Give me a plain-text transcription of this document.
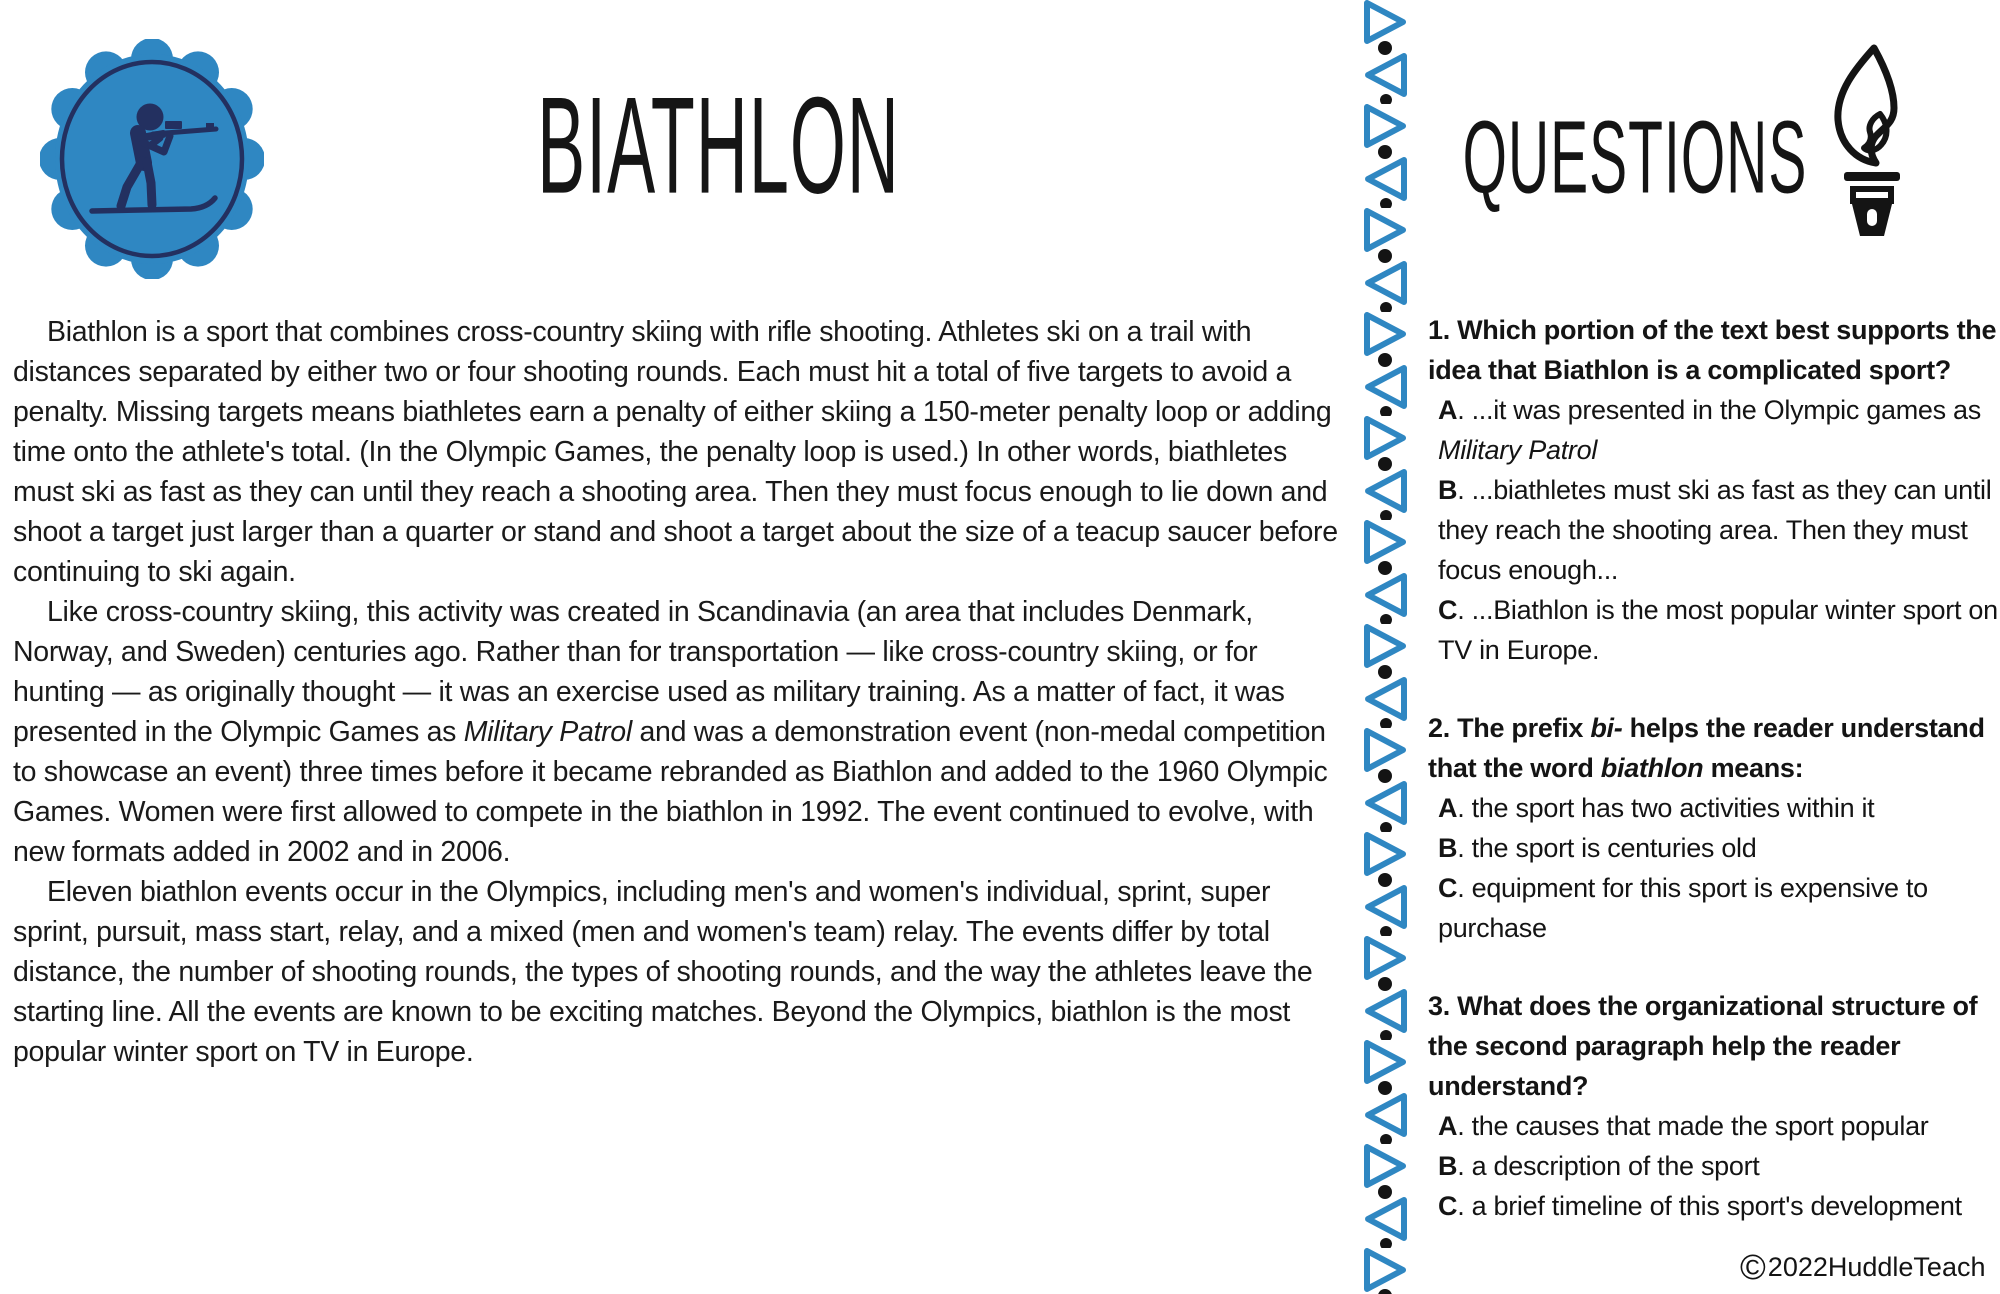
BIATHLON

Biathlon is a sport that combines cross-country skiing with rifle shooting. Athletes ski on a trail with distances separated by either two or four shooting rounds. Each must hit a total of five targets to avoid a penalty. Missing targets means biathletes earn a penalty of either skiing a 150-meter penalty loop or adding time onto the athlete's total. (In the Olympic Games, the penalty loop is used.) In other words, biathletes must ski as fast as they can until they reach a shooting area. Then they must focus enough to lie down and shoot a target just larger than a quarter or stand and shoot a target about the size of a teacup saucer before continuing to ski again.

Like cross-country skiing, this activity was created in Scandinavia (an area that includes Denmark, Norway, and Sweden) centuries ago. Rather than for transportation — like cross-country skiing, or for hunting — as originally thought — it was an exercise used as military training. As a matter of fact, it was presented in the Olympic Games as Military Patrol and was a demonstration event (non-medal competition to showcase an event) three times before it became rebranded as Biathlon and added to the 1960 Olympic Games. Women were first allowed to compete in the biathlon in 1992. The event continued to evolve, with new formats added in 2002 and in 2006.

Eleven biathlon events occur in the Olympics, including men's and women's individual, sprint, super sprint, pursuit, mass start, relay, and a mixed (men and women's team) relay. The events differ by total distance, the number of shooting rounds, the types of shooting rounds, and the way the athletes leave the starting line. All the events are known to be exciting matches. Beyond the Olympics, biathlon is the most popular winter sport on TV in Europe.

QUESTIONS

1. Which portion of the text best supports the idea that Biathlon is a complicated sport?

A. ...it was presented in the Olympic games as Military Patrol
B. ...biathletes must ski as fast as they can until they reach the shooting area. Then they must focus enough...
C. ...Biathlon is the most popular winter sport on TV in Europe.

2. The prefix bi- helps the reader understand that the word biathlon means:

A. the sport has two activities within it
B. the sport is centuries old
C. equipment for this sport is expensive to purchase

3. What does the organizational structure of the second paragraph help the reader understand?

A. the causes that made the sport popular
B. a description of the sport
C. a brief timeline of this sport's development
© 2022HuddleTeach
